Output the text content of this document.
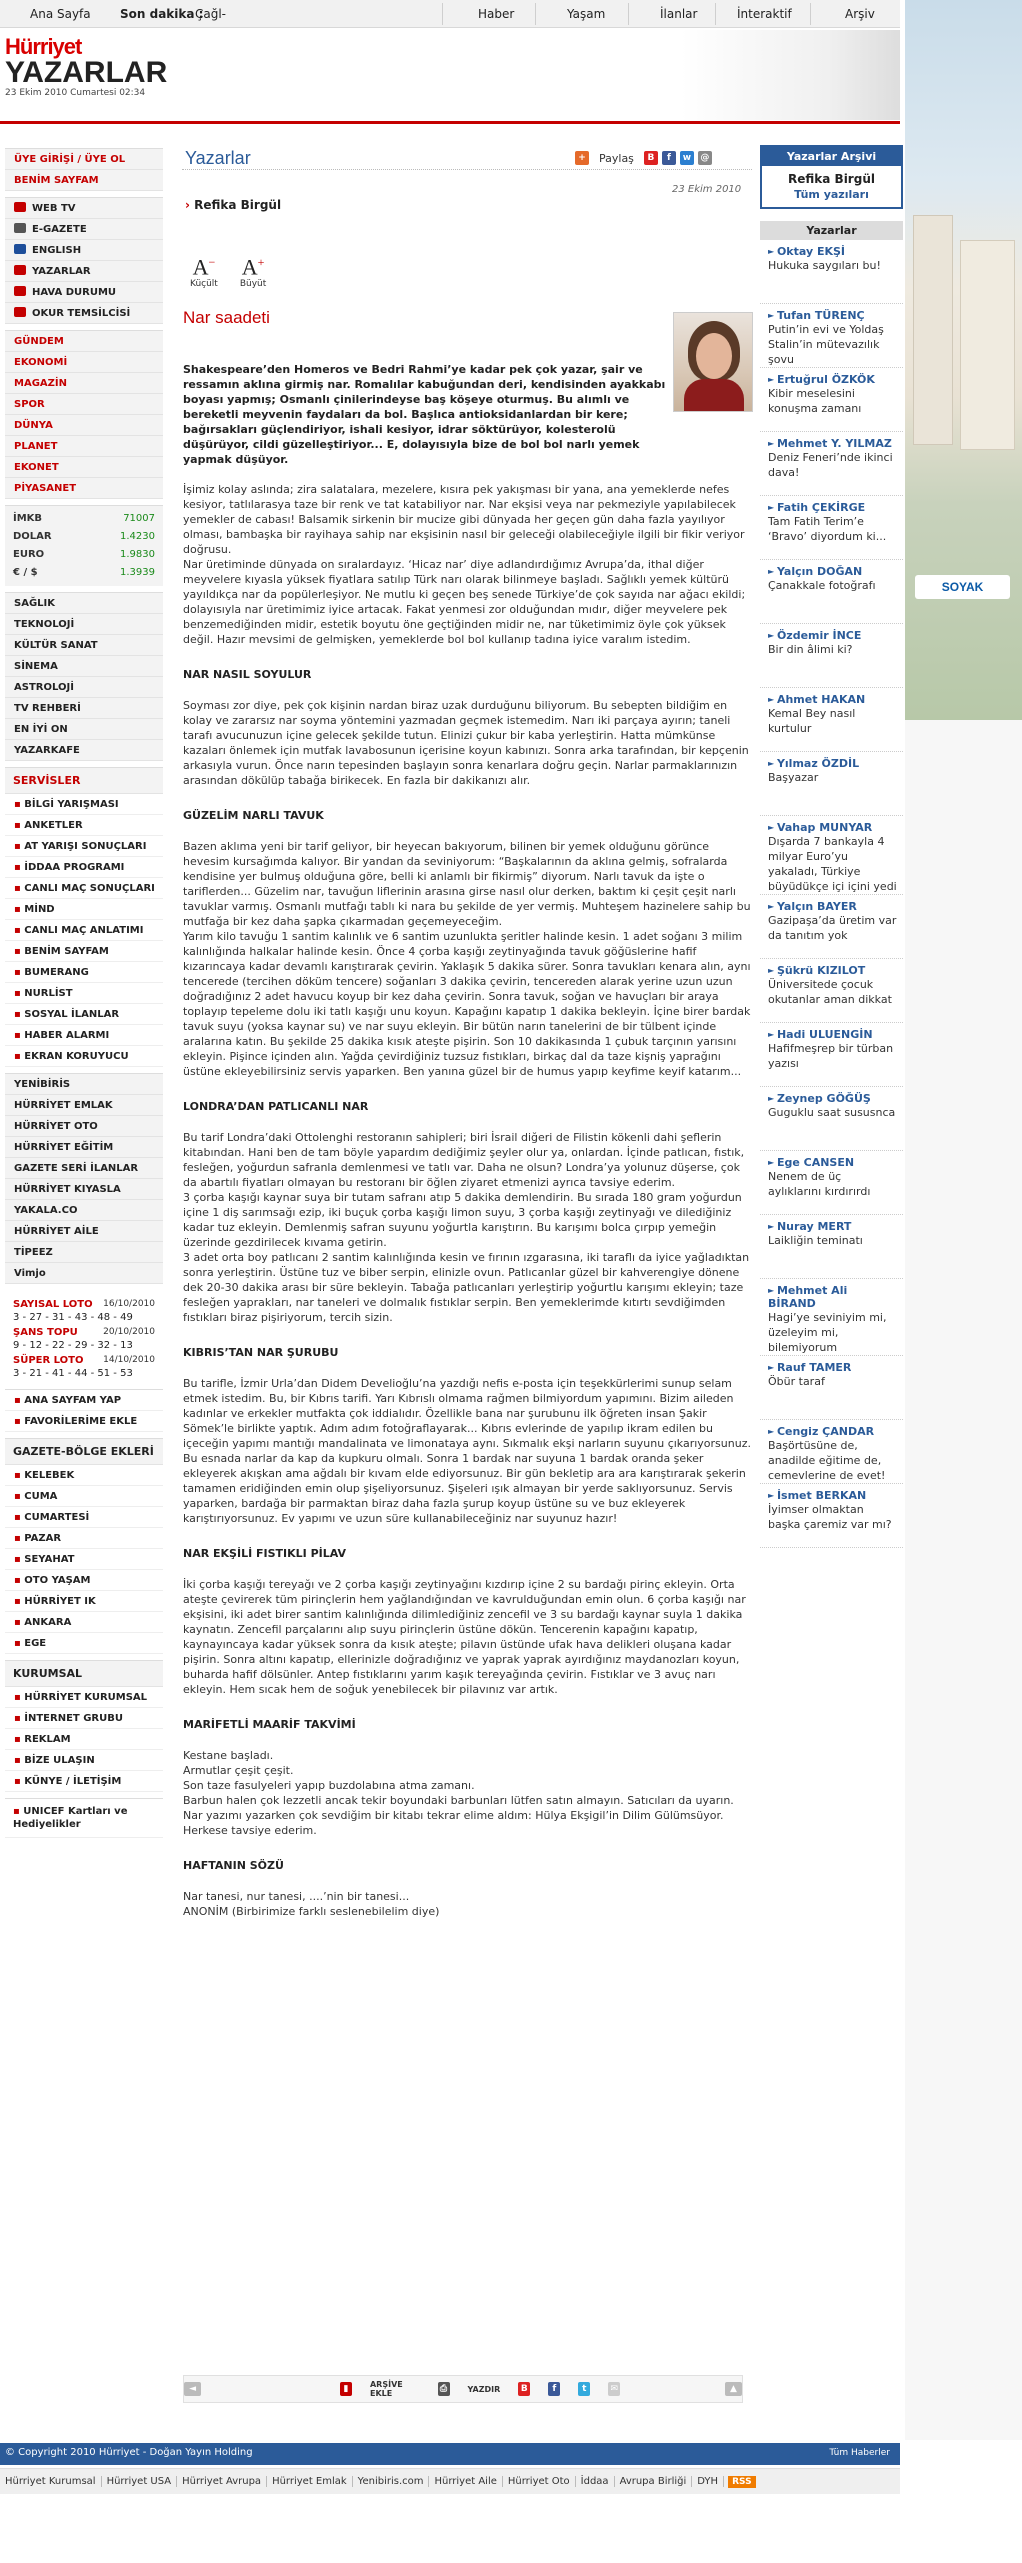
Ana Sayfa Son dakika :
Çağl-	Haber	Yaşam	İlanlar	İnteraktif	Arşiv
Hürriyet
YAZARLAR
23 Ekim 2010 Cumartesi 02:34
ÜYE GİRİŞİ / ÜYE OL
BENİM SAYFAM
WEB TV
E-GAZETE
ENGLISH
YAZARLAR
HAVA DURUMU
OKUR TEMSİLCİSİ
GÜNDEM
EKONOMİ
MAGAZİN
SPOR
DÜNYA
PLANET
EKONET
PİYASANET
İMKB	71007
DOLAR	1.4230
EURO	1.9830
€ / $	1.3939
SAĞLIK
TEKNOLOJİ
KÜLTÜR SANAT
SİNEMA
ASTROLOJİ
TV REHBERİ
EN İYİ ON
YAZARKAFE
SERVİSLER
▪ BİLGİ YARIŞMASI
▪ ANKETLER
▪ AT YARIŞI SONUÇLARI
▪ İDDAA PROGRAMI
▪ CANLI MAÇ SONUÇLARI
▪ MİND
▪ CANLI MAÇ ANLATIMI
▪ BENİM SAYFAM
▪ BUMERANG
▪ NURLİST
▪ SOSYAL İLANLAR
▪ HABER ALARMI
▪ EKRAN KORUYUCU
YENİBİRİS
HÜRRİYET EMLAK
HÜRRİYET OTO
HÜRRİYET EĞİTİM
GAZETE SERİ İLANLAR
HÜRRİYET KIYASLA
YAKALA.CO
HÜRRİYET AİLE
TİPEEZ
Vimjo
SAYISAL LOTO 16/10/2010
3 - 27 - 31 - 43 - 48 - 49
ŞANS TOPU	20/10/2010
9 - 12 - 22 - 29 - 32 - 13
SÜPER LOTO 14/10/2010
3 - 21 - 41 - 44 - 51 - 53
▪ ANA SAYFAM YAP
▪ FAVORİLERİME EKLE
GAZETE-BÖLGE EKLERİ
▪ KELEBEK
▪ CUMA
▪ CUMARTESİ
▪ PAZAR
▪ SEYAHAT
▪ OTO YAŞAM
▪ HÜRRİYET IK
▪ ANKARA
▪ EGE
KURUMSAL
▪ HÜRRİYET KURUMSAL
▪ İNTERNET GRUBU
▪ REKLAM
▪ BİZE ULAŞIN
▪ KÜNYE / İLETİŞİM
▪ UNICEF Kartları ve Hediyelikler
Yazarlar	+ Paylaş	B	f	w	@
23 Ekim 2010
› Refika Birgül
A−
Küçült
A+
Büyüt
Nar saadeti

Shakespeare’den Homeros ve Bedri Rahmi’ye kadar pek çok yazar, şair ve ressamın aklına girmiş nar. Romalılar kabuğundan deri, kendisinden ayakkabı boyası yapmış; Osmanlı çinilerindeyse baş köşeye oturmuş. Bu alımlı ve bereketli meyvenin faydaları da bol. Başlıca antioksidanlardan bir kere; bağırsakları güçlendiriyor, ishali kesiyor, idrar söktürüyor, kolesterolü düşürüyor, cildi güzelleştiriyor... E, dolayısıyla bize de bol bol narlı yemek yapmak düşüyor.

İşimiz kolay aslında; zira salatalara, mezelere, kısıra pek yakışması bir yana, ana yemeklerde nefes kesiyor, tatlılarasya taze bir renk ve tat katabiliyor nar. Nar ekşisi veya nar pekmeziyle yapılabilecek yemekler de cabası! Balsamik sirkenin bir mucize gibi dünyada her geçen gün daha fazla yayılıyor olması, bambaşka bir rayihaya sahip nar ekşisinin nasıl bir geleceği olabileceğiyle ilgili bir fikir veriyor doğrusu.
Nar üretiminde dünyada on sıralardayız. ‘Hicaz nar’ diye adlandırdığımız Avrupa’da, ithal diğer meyvelere kıyasla yüksek fiyatlara satılıp Türk narı olarak bilinmeye başladı. Sağlıklı yemek kültürü yayıldıkça nar da popülerleşiyor. Ne mutlu ki geçen beş senede Türkiye’de çok sayıda nar ağacı ekildi; dolayısıyla nar üretimimiz iyice artacak. Fakat yenmesi zor olduğundan mıdır, diğer meyvelere pek benzemediğinden midir, estetik boyutu öne geçtiğinden midir ne, nar tüketimimiz öyle çok yüksek değil. Hazır mevsimi de gelmişken, yemeklerde bol bol kullanıp tadına iyice varalım istedim.

NAR NASIL SOYULUR

Soyması zor diye, pek çok kişinin nardan biraz uzak durduğunu biliyorum. Bu sebepten bildiğim en kolay ve zararsız nar soyma yöntemini yazmadan geçmek istemedim. Narı iki parçaya ayırın; taneli tarafı avucunuzun içine gelecek şekilde tutun. Elinizi çukur bir kaba yerleştirin. Hatta mümkünse kazaları önlemek için mutfak lavabosunun içerisine koyun kabınızı. Sonra arka tarafından, bir kepçenin arkasıyla vurun. Önce narın tepesinden başlayın sonra kenarlara doğru geçin. Narlar parmaklarınızın arasından dökülüp tabağa birikecek. En fazla bir dakikanızı alır.

GÜZELİM NARLI TAVUK

Bazen aklıma yeni bir tarif geliyor, bir heyecan bakıyorum, bilinen bir yemek olduğunu görünce hevesim kursağımda kalıyor. Bir yandan da seviniyorum: “Başkalarının da aklına gelmiş, sofralarda kendisine yer bulmuş olduğuna göre, belli ki anlamlı bir fikirmiş” diyorum. Narlı tavuk da işte o tariflerden... Güzelim nar, tavuğun liflerinin arasına girse nasıl olur derken, baktım ki çeşit çeşit narlı tavuklar varmış. Osmanlı mutfağı tablı ki nara bu şekilde de yer vermiş. Muhteşem hazinelere sahip bu mutfağa bir kez daha şapka çıkarmadan geçemeyeceğim.
Yarım kilo tavuğu 1 santim kalınlık ve 6 santim uzunlukta şeritler halinde kesin. 1 adet soğanı 3 milim kalınlığında halkalar halinde kesin. Önce 4 çorba kaşığı zeytinyağında tavuk göğüslerine hafif kızarıncaya kadar devamlı karıştırarak çevirin. Yaklaşık 5 dakika sürer. Sonra tavukları kenara alın, aynı tencerede (tercihen döküm tencere) soğanları 3 dakika çevirin, tencereden alarak yerine uzun uzun doğradığınız 2 adet havucu koyup bir kez daha çevirin. Sonra tavuk, soğan ve havuçları bir araya toplayıp tepeleme dolu iki tatlı kaşığı unu koyun. Kapağını kapatıp 1 dakika bekleyin. İçine birer bardak tavuk suyu (yoksa kaynar su) ve nar suyu ekleyin. Bir bütün narın tanelerini de bir tülbent içinde aralarına katın. Bu şekilde 25 dakika kısık ateşte pişirin. Son 10 dakikasında 1 çubuk tarçının yarısını ekleyin. Pişince içinden alın. Yağda çevirdiğiniz tuzsuz fıstıkları, birkaç dal da taze kişniş yaprağını üstüne ekleyebilirsiniz servis yaparken. Ben yanına güzel bir de humus yapıp keyfime keyif katarım...

LONDRA’DAN PATLICANLI NAR

Bu tarif Londra’daki Ottolenghi restoranın sahipleri; biri İsrail diğeri de Filistin kökenli dahi şeflerin kitabından. Hani ben de tam böyle yapardım dediğimiz şeyler olur ya, onlardan. İçinde patlıcan, fıstık, fesleğen, yoğurdun safranla demlenmesi ve tatlı var. Daha ne olsun? Londra’ya yolunuz düşerse, çok da abartılı fiyatları olmayan bu restoranı bir öğlen ziyaret etmenizi ayrıca tavsiye ederim.
3 çorba kaşığı kaynar suya bir tutam safranı atıp 5 dakika demlendirin. Bu sırada 180 gram yoğurdun içine 1 diş sarımsağı ezip, iki buçuk çorba kaşığı limon suyu, 3 çorba kaşığı zeytinyağı ve dilediğiniz kadar tuz ekleyin. Demlenmiş safran suyunu yoğurtla karıştırın. Bu karışımı bolca çırpıp yemeğin üzerinde gezdirilecek kıvama getirin.
3 adet orta boy patlıcanı 2 santim kalınlığında kesin ve fırının ızgarasına, iki taraflı da iyice yağladıktan sonra yerleştirin. Üstüne tuz ve biber serpin, elinizle ovun. Patlıcanlar güzel bir kahverengiye dönene dek 20-30 dakika arası bir süre bekleyin. Tabağa patlıcanları yerleştirip yoğurtlu karışımı ekleyin; taze fesleğen yaprakları, nar taneleri ve dolmalık fıstıklar serpin. Ben yemeklerimde kıtırtı sevdiğimden fıstıkları biraz pişiriyorum, tercih sizin.

KIBRIS’TAN NAR ŞURUBU

Bu tarifle, İzmir Urla’dan Didem Develioğlu’na yazdığı nefis e-posta için teşekkürlerimi sunup selam etmek istedim. Bu, bir Kıbrıs tarifi. Yarı Kıbrıslı olmama rağmen bilmiyordum yapımını. Bizim aileden kadınlar ve erkekler mutfakta çok iddialıdır. Özellikle bana nar şurubunu ilk öğreten insan Şakir Sömek’le birlikte yaptık. Adım adım fotoğraflayarak... Kıbrıs evlerinde de yapılıp ikram edilen bu içeceğin yapımı mantığı mandalinata ve limonataya aynı. Sıkmalık ekşi narların suyunu çıkarıyorsunuz. Bu esnada narlar da kap da kupkuru olmalı. Sonra 1 bardak nar suyuna 1 bardak oranda şeker ekleyerek akışkan ama ağdalı bir kıvam elde ediyorsunuz. Bir gün bekletip ara ara karıştırarak şekerin tamamen eridiğinden emin olup şişeliyorsunuz. Şişeleri ışık almayan bir yerde saklıyorsunuz. Servis yaparken, bardağa bir parmaktan biraz daha fazla şurup koyup üstüne su ve buz ekleyerek karıştırıyorsunuz. Ev yapımı ve uzun süre kullanabileceğiniz nar suyunuz hazır!

NAR EKŞİLİ FISTIKLI PİLAV

İki çorba kaşığı tereyağı ve 2 çorba kaşığı zeytinyağını kızdırıp içine 2 su bardağı pirinç ekleyin. Orta ateşte çevirerek tüm pirinçlerin hem yağlandığından ve kavrulduğundan emin olun. 6 çorba kaşığı nar ekşisini, iki adet birer santim kalınlığında dilimlediğiniz zencefil ve 3 su bardağı kaynar suyla 1 dakika kaynatın. Zencefil parçalarını alıp suyu pirinçlerin üstüne dökün. Tencerenin kapağını kapatıp, kaynayıncaya kadar yüksek sonra da kısık ateşte; pilavın üstünde ufak hava delikleri oluşana kadar pişirin. Sonra altını kapatıp, ellerinizle doğradığınız ve yaprak yaprak ayırdığınız maydanozları koyun, buharda hafif dölsünler. Antep fıstıklarını yarım kaşık tereyağında çevirin. Fıstıklar ve 3 avuç narı ekleyin. Hem sıcak hem de soğuk yenebilecek bir pilavınız var artık.

MARİFETLİ MAARİF TAKVİMİ

Kestane başladı.
Armutlar çeşit çeşit.
Son taze fasulyeleri yapıp buzdolabına atma zamanı.
Barbun halen çok lezzetli ancak tekir boyundaki barbunları lütfen satın almayın. Satıcıları da uyarın.
Nar yazımı yazarken çok sevdiğim bir kitabı tekrar elime aldım: Hülya Ekşigil’in Dilim Gülümsüyor. Herkese tavsiye ederim.

HAFTANIN SÖZÜ

Nar tanesi, nur tanesi, ....’nin bir tanesi...
ANONİM (Birbirimize farklı seslenebilelim diye)

◄	▮	ARŞİVE EKLE	⎙	YAZDIR B	f	t	✉	▲
Yazarlar Arşivi
Refika Birgül
Tüm yazıları
Yazarlar
► Oktay EKŞİ
Hukuka saygıları bu!
► Tufan TÜRENÇ
Putin’in evi ve Yoldaş Stalin’in mütevazılık şovu
► Ertuğrul ÖZKÖK
Kibir meselesini konuşma zamanı
► Mehmet Y. YILMAZ
Deniz Feneri’nde ikinci dava!
► Fatih ÇEKİRGE
Tam Fatih Terim’e ‘Bravo’ diyordum ki...
► Yalçın DOĞAN
Çanakkale fotoğrafı
► Özdemir İNCE
Bir din âlimi ki?
► Ahmet HAKAN
Kemal Bey nasıl kurtulur
► Yılmaz ÖZDİL
Başyazar
► Vahap MUNYAR
Dışarda 7 bankayla 4 milyar Euro’yu yakaladı, Türkiye büyüdükçe içi içini yedi
► Yalçın BAYER
Gazipaşa’da üretim var da tanıtım yok
► Şükrü KIZILOT
Üniversitede çocuk okutanlar aman dikkat
► Hadi ULUENGİN
Hafifmeşrep bir türban yazısı
► Zeynep GÖĞÜŞ
Guguklu saat sususnca
► Ege CANSEN
Nenem de üç aylıklarını kırdırırdı
► Nuray MERT
Laikliğin teminatı
► Mehmet Ali BİRAND
Hagi’ye seviniyim mi, üzeleyim mi, bilemiyorum
► Rauf TAMER
Öbür taraf
► Cengiz ÇANDAR
Başörtüsüne de, anadilde eğitime de, cemevlerine de evet!
► İsmet BERKAN
İyimser olmaktan başka çaremiz var mı?
SOYAK
© Copyright 2010 Hürriyet - Doğan Yayın Holding	Tüm Haberler
Hürriyet Kurumsal	Hürriyet USA	Hürriyet Avrupa	Hürriyet Emlak	Yenibiris.com	Hürriyet Aile	Hürriyet Oto	İddaa	Avrupa Birliği	DYH	RSS
